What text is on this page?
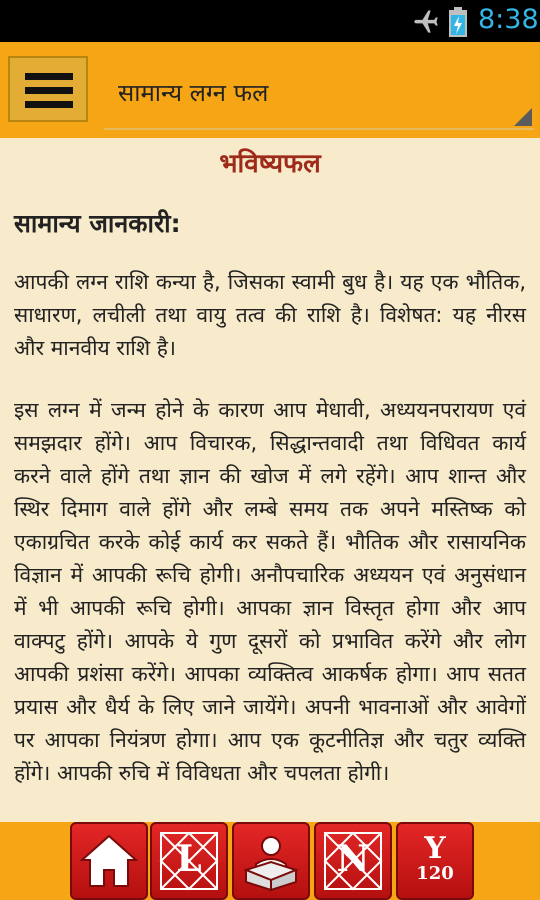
8:38
सामान्य लग्न फल
भविष्यफल
सामान्य जानकारी:
आपकी लग्न राशि कन्या है, जिसका स्वामी बुध है। यह एक भौतिक, साधारण, लचीली तथा वायु तत्व की राशि है। विशेषत: यह नीरस और मानवीय राशि है।
इस लग्न में जन्म होने के कारण आप मेधावी, अध्ययनपरायण एवं समझदार होंगे। आप विचारक, सिद्धान्तवादी तथा विधिवत कार्य करने वाले होंगे तथा ज्ञान की खोज में लगे रहेंगे। आप शान्त और स्थिर दिमाग वाले होंगे और लम्बे समय तक अपने मस्तिष्क को एकाग्रचित करके कोई कार्य कर सकते हैं। भौतिक और रासायनिक विज्ञान में आपकी रूचि होगी। अनौपचारिक अध्ययन एवं अनुसंधान में भी आपकी रूचि होगी। आपका ज्ञान विस्तृत होगा और आप वाक्पटु होंगे। आपके ये गुण दूसरों को प्रभावित करेंगे और लोग आपकी प्रशंसा करेंगे। आपका व्यक्तित्व आकर्षक होगा। आप सतत प्रयास और धैर्य के लिए जाने जायेंगे। अपनी भावनाओं और आवेगों पर आपका नियंत्रण होगा। आप एक कूटनीतिज्ञ और चतुर व्यक्ति होंगे। आपकी रुचि में विविधता और चपलता होगी।
L	N	Y
120
